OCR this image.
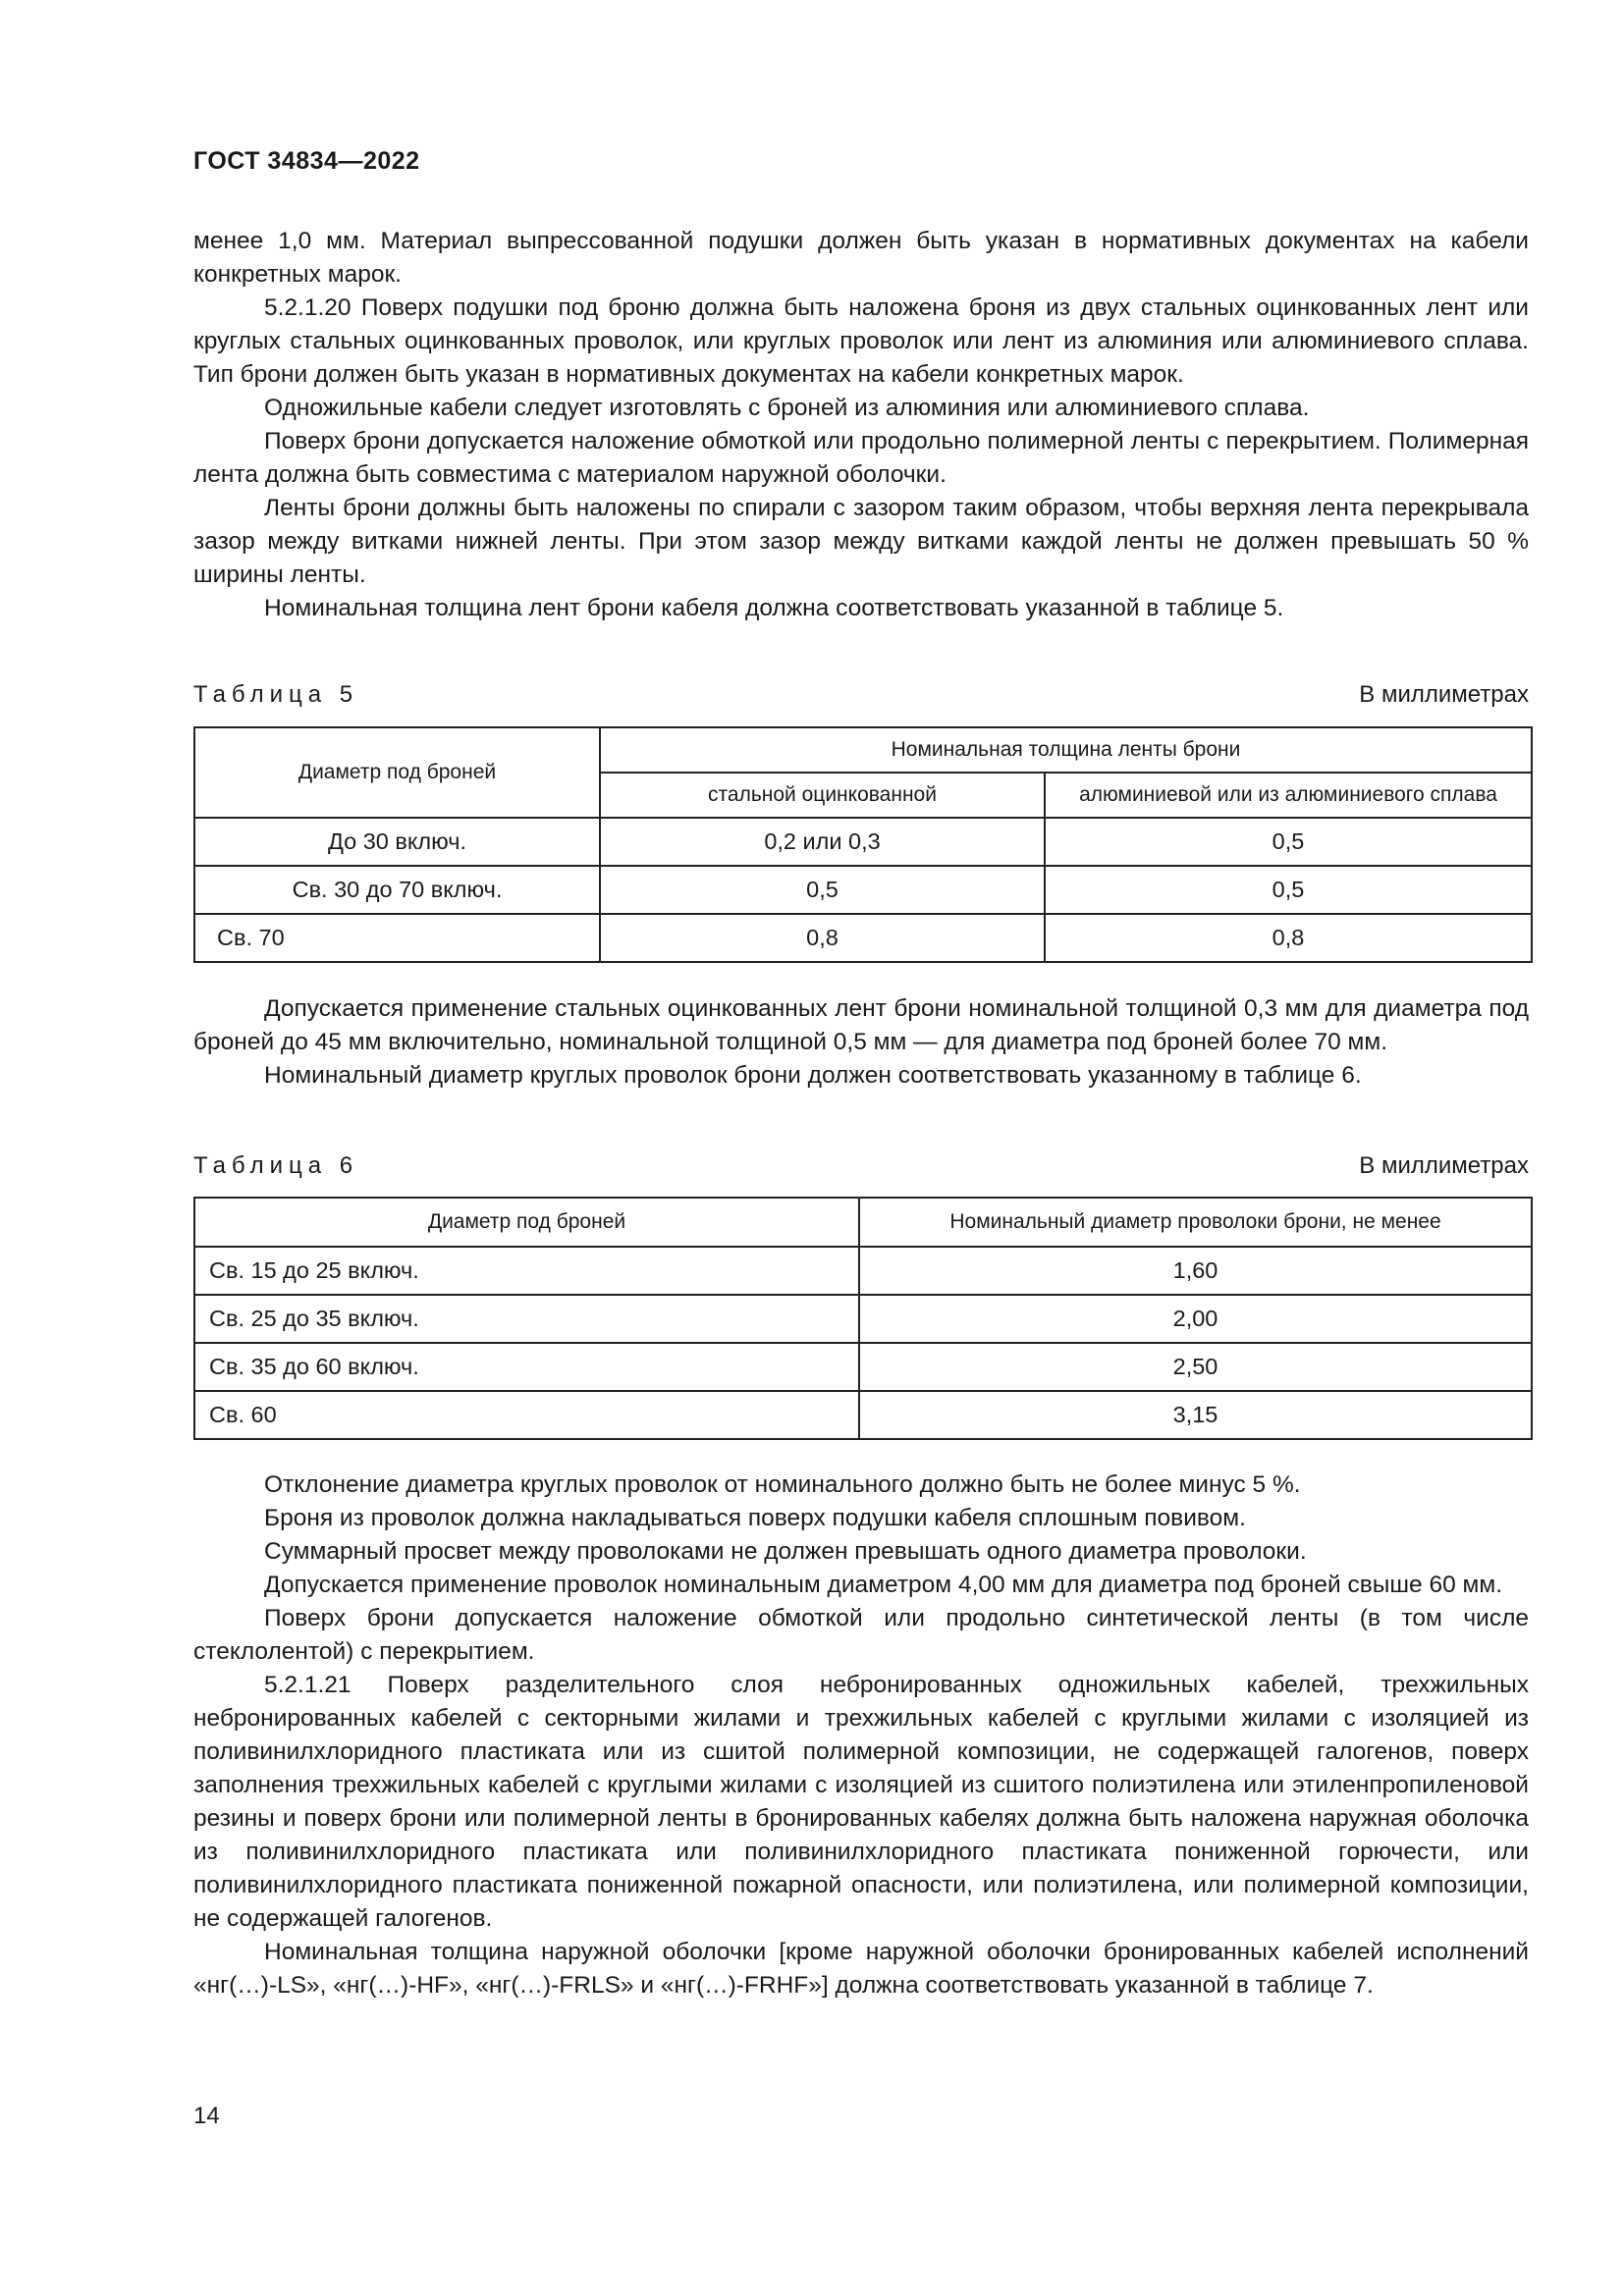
ГОСТ 34834—2022

менее 1,0 мм. Материал выпрессованной подушки должен быть указан в нормативных документах на кабели конкретных марок.

5.2.1.20 Поверх подушки под броню должна быть наложена броня из двух стальных оцинкованных лент или круглых стальных оцинкованных проволок, или круглых проволок или лент из алюминия или алюминиевого сплава. Тип брони должен быть указан в нормативных документах на кабели конкретных марок.

Одножильные кабели следует изготовлять с броней из алюминия или алюминиевого сплава.

Поверх брони допускается наложение обмоткой или продольно полимерной ленты с перекрытием. Полимерная лента должна быть совместима с материалом наружной оболочки.

Ленты брони должны быть наложены по спирали с зазором таким образом, чтобы верхняя лента перекрывала зазор между витками нижней ленты. При этом зазор между витками каждой ленты не должен превышать 50 % ширины ленты.

Номинальная толщина лент брони кабеля должна соответствовать указанной в таблице 5.

Таблица 5	В миллиметрах
Диаметр под броней	Номинальная толщина ленты брони	
	стальной оцинкованной	алюминиевой или из алюминиевого сплава
До 30 включ.	0,2 или 0,3	0,5
Св. 30 до 70 включ.	0,5	0,5
Св. 70	0,8	0,8

Допускается применение стальных оцинкованных лент брони номинальной толщиной 0,3 мм для диаметра под броней до 45 мм включительно, номинальной толщиной 0,5 мм — для диаметра под броней более 70 мм.

Номинальный диаметр круглых проволок брони должен соответствовать указанному в таблице 6.

Таблица 6	В миллиметрах
Диаметр под броней	Номинальный диаметр проволоки брони, не менее
Св. 15 до 25 включ.	1,60
Св. 25 до 35 включ.	2,00
Св. 35 до 60 включ.	2,50
Св. 60	3,15

Отклонение диаметра круглых проволок от номинального должно быть не более минус 5 %.

Броня из проволок должна накладываться поверх подушки кабеля сплошным повивом.

Суммарный просвет между проволоками не должен превышать одного диаметра проволоки.

Допускается применение проволок номинальным диаметром 4,00 мм для диаметра под броней свыше 60 мм.

Поверх брони допускается наложение обмоткой или продольно синтетической ленты (в том числе стеклолентой) с перекрытием.

5.2.1.21 Поверх разделительного слоя небронированных одножильных кабелей, трехжильных небронированных кабелей с секторными жилами и трехжильных кабелей с круглыми жилами с изоляцией из поливинилхлоридного пластиката или из сшитой полимерной композиции, не содержащей галогенов, поверх заполнения трехжильных кабелей с круглыми жилами с изоляцией из сшитого полиэтилена или этиленпропиленовой резины и поверх брони или полимерной ленты в бронированных кабелях должна быть наложена наружная оболочка из поливинилхлоридного пластиката или поливинилхлоридного пластиката пониженной горючести, или поливинилхлоридного пластиката пониженной пожарной опасности, или полиэтилена, или полимерной композиции, не содержащей галогенов.

Номинальная толщина наружной оболочки [кроме наружной оболочки бронированных кабелей исполнений «нг(…)-LS», «нг(…)-HF», «нг(…)-FRLS» и «нг(…)-FRHF»] должна соответствовать указанной в таблице 7.

14
